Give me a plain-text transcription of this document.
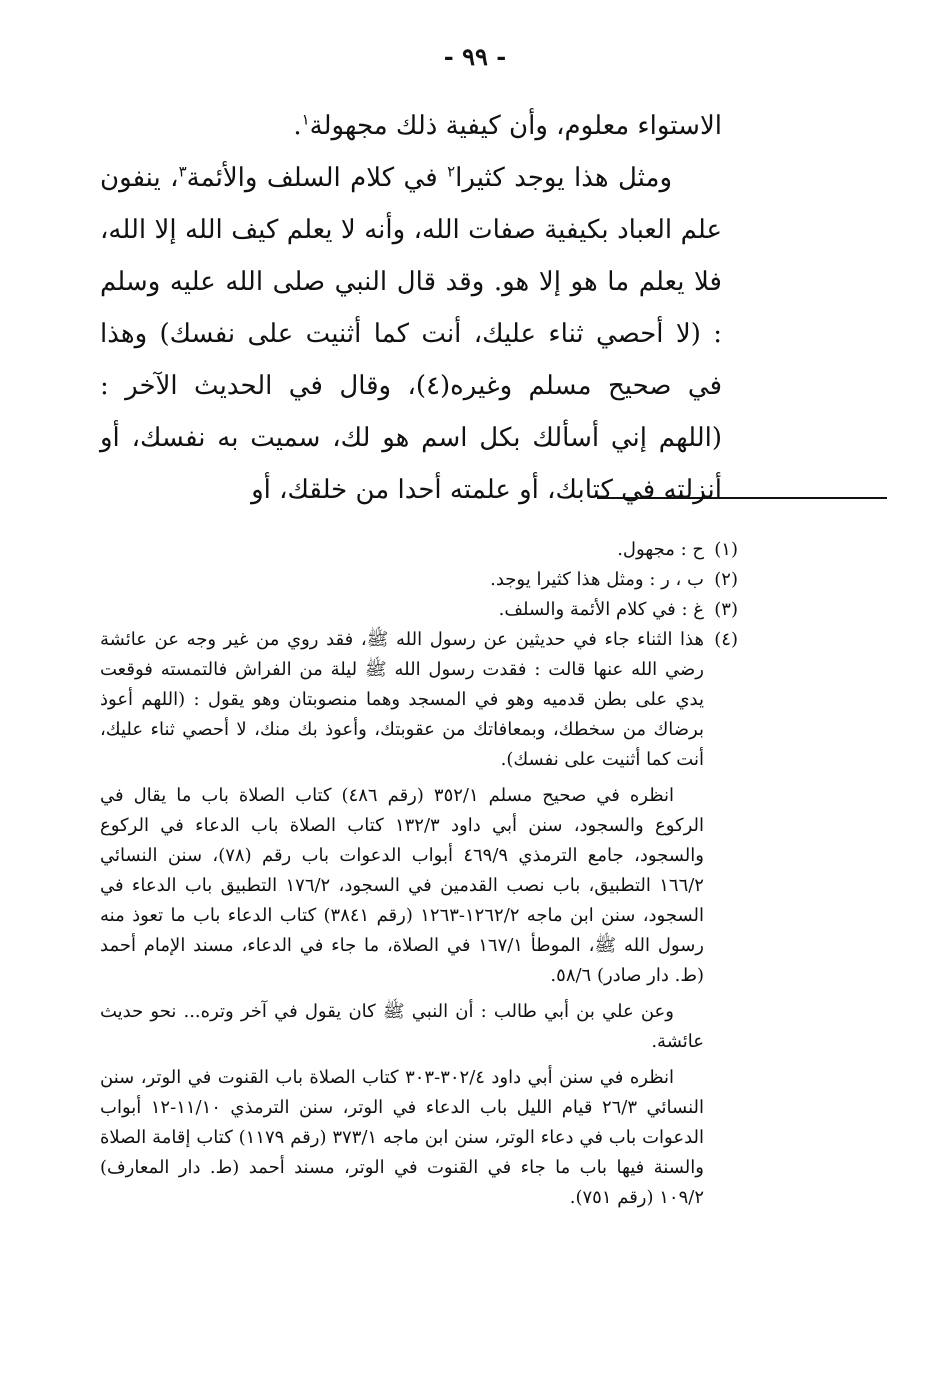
- ٩٩ -

الاستواء معلوم، وأن كيفية ذلك مجهولة$^١$.

ومثل هذا يوجد كثيرا$^٢$ في كلام السلف والأئمة$^٣$، ينفون علم العباد بكيفية صفات الله، وأنه لا يعلم كيف الله إلا الله، فلا يعلم ما هو إلا هو. وقد قال النبي صلى الله عليه وسلم : (لا أحصي ثناء عليك، أنت كما أثنيت على نفسك) وهذا في صحيح مسلم وغيره(٤)، وقال في الحديث الآخر : (اللهم إني أسألك بكل اسم هو لك، سميت به نفسك، أو أنزلته في كتابك، أو علمته أحدا من خلقك، أو

(١)
ح : مجهول.
(٢)
ب ، ر : ومثل هذا كثيرا يوجد.
(٣)
غ : في كلام الأئمة والسلف.
(٤)

هذا الثناء جاء في حديثين عن رسول الله ﷺ، فقد روي من غير وجه عن عائشة رضي الله عنها قالت : فقدت رسول الله ﷺ ليلة من الفراش فالتمسته فوقعت يدي على بطن قدميه وهو في المسجد وهما منصوبتان وهو يقول : (اللهم أعوذ برضاك من سخطك، وبمعافاتك من عقوبتك، وأعوذ بك منك، لا أحصي ثناء عليك، أنت كما أثنيت على نفسك).

انظره في صحيح مسلم ٣٥٢/١ (رقم ٤٨٦) كتاب الصلاة باب ما يقال في الركوع والسجود، سنن أبي داود ١٣٢/٣ كتاب الصلاة باب الدعاء في الركوع والسجود، جامع الترمذي ٤٦٩/٩ أبواب الدعوات باب رقم (٧٨)، سنن النسائي ١٦٦/٢ التطبيق، باب نصب القدمين في السجود، ١٧٦/٢ التطبيق باب الدعاء في السجود، سنن ابن ماجه ١٢٦٢/٢-١٢٦٣ (رقم ٣٨٤١) كتاب الدعاء باب ما تعوذ منه رسول الله ﷺ، الموطأ ١٦٧/١ في الصلاة، ما جاء في الدعاء، مسند الإمام أحمد (ط. دار صادر) ٥٨/٦.

وعن علي بن أبي طالب : أن النبي ﷺ كان يقول في آخر وتره... نحو حديث عائشة.

انظره في سنن أبي داود ٣٠٢/٤-٣٠٣ كتاب الصلاة باب القنوت في الوتر، سنن النسائي ٢٦/٣ قيام الليل باب الدعاء في الوتر، سنن الترمذي ١١/١٠-١٢ أبواب الدعوات باب في دعاء الوتر، سنن ابن ماجه ٣٧٣/١ (رقم ١١٧٩) كتاب إقامة الصلاة والسنة فيها باب ما جاء في القنوت في الوتر، مسند أحمد (ط. دار المعارف) ١٠٩/٢ (رقم ٧٥١).
